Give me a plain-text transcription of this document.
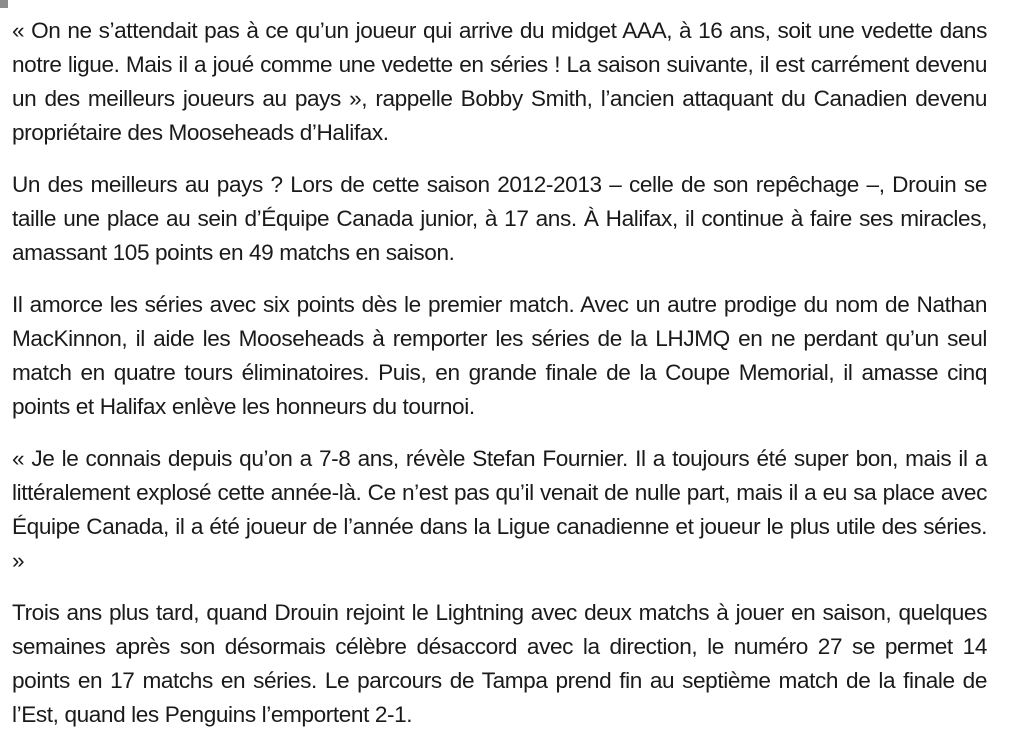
« On ne s’attendait pas à ce qu’un joueur qui arrive du midget AAA, à 16 ans, soit une vedette dans notre ligue. Mais il a joué comme une vedette en séries ! La saison suivante, il est carrément devenu un des meilleurs joueurs au pays », rappelle Bobby Smith, l’ancien attaquant du Canadien devenu propriétaire des Mooseheads d’Halifax.

Un des meilleurs au pays ? Lors de cette saison 2012-2013 – celle de son repêchage –, Drouin se taille une place au sein d’Équipe Canada junior, à 17 ans. À Halifax, il continue à faire ses miracles, amassant 105 points en 49 matchs en saison.

Il amorce les séries avec six points dès le premier match. Avec un autre prodige du nom de Nathan MacKinnon, il aide les Mooseheads à remporter les séries de la LHJMQ en ne perdant qu’un seul match en quatre tours éliminatoires. Puis, en grande finale de la Coupe Memorial, il amasse cinq points et Halifax enlève les honneurs du tournoi.

« Je le connais depuis qu’on a 7-8 ans, révèle Stefan Fournier. Il a toujours été super bon, mais il a littéralement explosé cette année-là. Ce n’est pas qu’il venait de nulle part, mais il a eu sa place avec Équipe Canada, il a été joueur de l’année dans la Ligue canadienne et joueur le plus utile des séries. »

Trois ans plus tard, quand Drouin rejoint le Lightning avec deux matchs à jouer en saison, quelques semaines après son désormais célèbre désaccord avec la direction, le numéro 27 se permet 14 points en 17 matchs en séries. Le parcours de Tampa prend fin au septième match de la finale de l’Est, quand les Penguins l’emportent 2-1.
